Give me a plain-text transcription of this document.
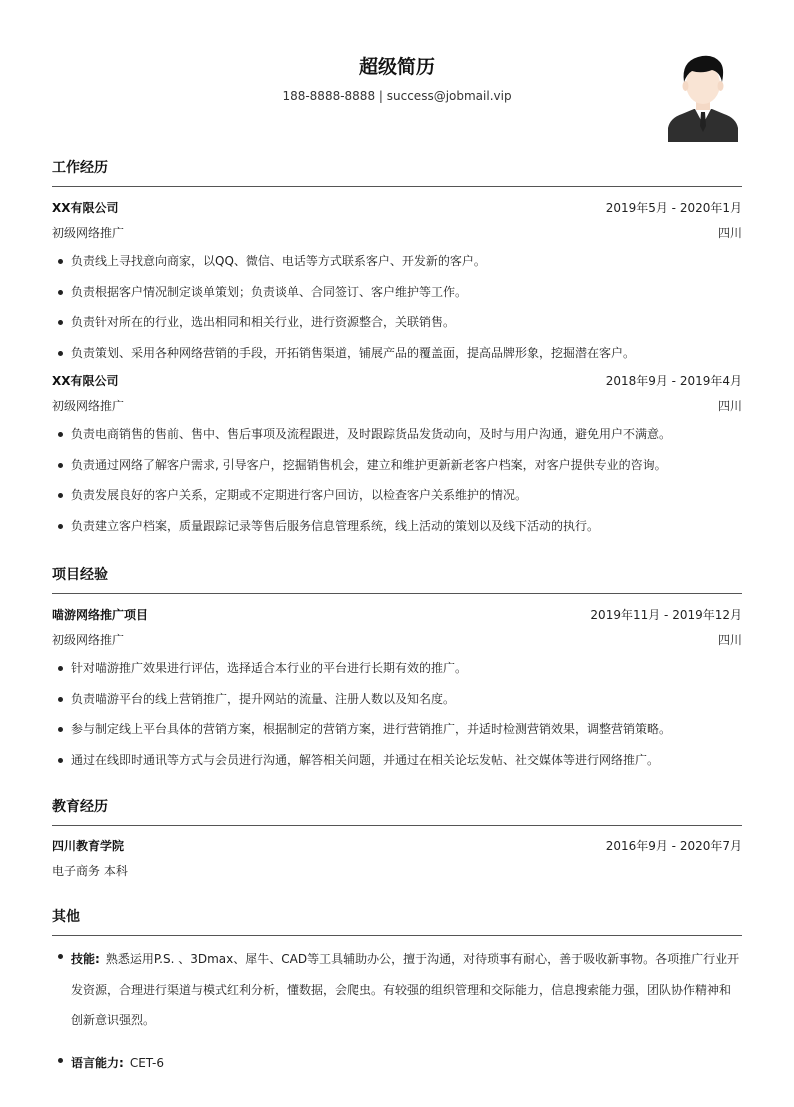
超级简历
188-8888-8888 | success@jobmail.vip
工作经历
XX有限公司	2019年5月 - 2020年1月
初级网络推广	四川
负责线上寻找意向商家，以QQ、微信、电话等方式联系客户、开发新的客户。
负责根据客户情况制定谈单策划；负责谈单、合同签订、客户维护等工作。
负责针对所在的行业，选出相同和相关行业，进行资源整合，关联销售。
负责策划、采用各种网络营销的手段，开拓销售渠道，铺展产品的覆盖面，提高品牌形象，挖掘潜在客户。
XX有限公司	2018年9月 - 2019年4月
初级网络推广	四川
负责电商销售的售前、售中、售后事项及流程跟进，及时跟踪货品发货动向，及时与用户沟通，避免用户不满意。
负责通过网络了解客户需求, 引导客户，挖掘销售机会，建立和维护更新新老客户档案，对客户提供专业的咨询。
负责发展良好的客户关系，定期或不定期进行客户回访，以检查客户关系维护的情况。
负责建立客户档案，质量跟踪记录等售后服务信息管理系统，线上活动的策划以及线下活动的执行。
项目经验
喵游网络推广项目	2019年11月 - 2019年12月
初级网络推广	四川
针对喵游推广效果进行评估，选择适合本行业的平台进行长期有效的推广。
负责喵游平台的线上营销推广，提升网站的流量、注册人数以及知名度。
参与制定线上平台具体的营销方案，根据制定的营销方案，进行营销推广，并适时检测营销效果，调整营销策略。
通过在线即时通讯等方式与会员进行沟通，解答相关问题，并通过在相关论坛发帖、社交媒体等进行网络推广。
教育经历
四川教育学院	2016年9月 - 2020年7月
电子商务 本科
其他
技能: 熟悉运用P.S. 、3Dmax、犀牛、CAD等工具辅助办公，擅于沟通，对待琐事有耐心，善于吸收新事物。各项推广行业开发资源，合理进行渠道与模式红利分析，懂数据，会爬虫。有较强的组织管理和交际能力，信息搜索能力强，团队协作精神和创新意识强烈。
语言能力: CET-6
